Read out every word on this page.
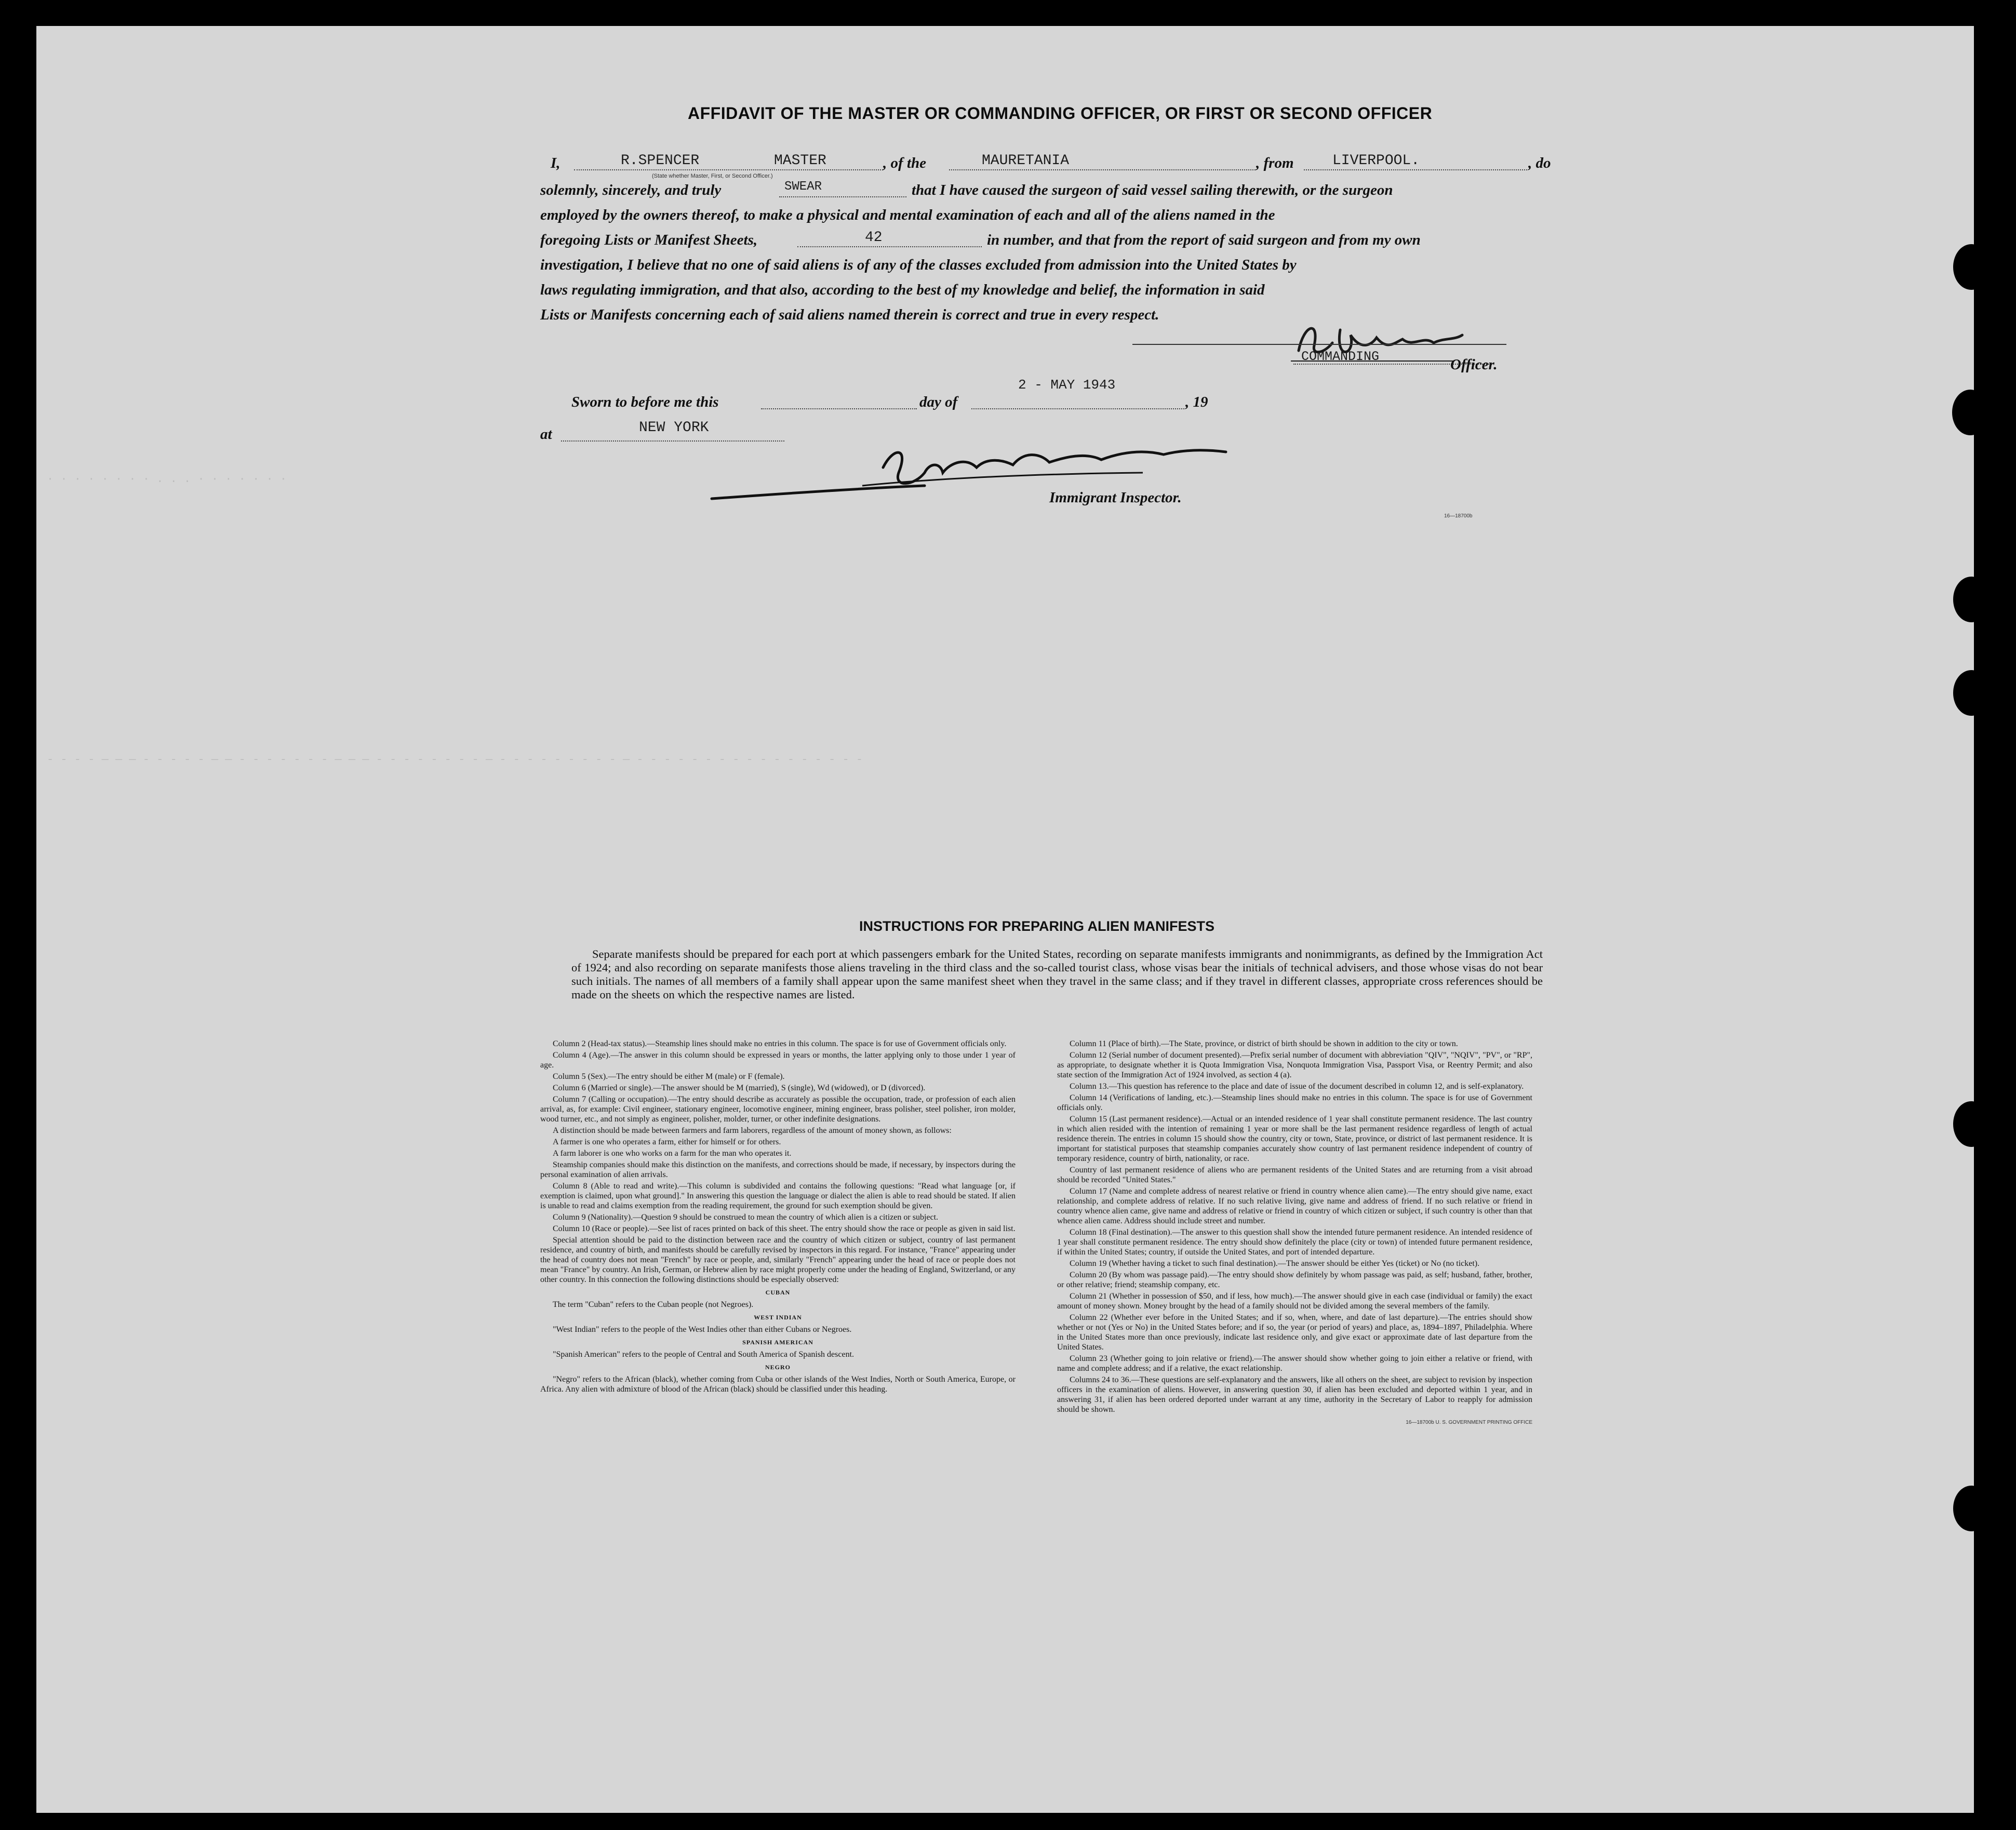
· · · · · · · · . . . · · · · · · ·
- - - - — — — - - - - - — — - - - - - - - — — — - - - - - - - - — - - - - - - - - - — - - - - - - - - - - - - - - - - -
AFFIDAVIT OF THE MASTER OR COMMANDING OFFICER, OR FIRST OR SECOND OFFICER
I,	R.SPENCER	MASTER
(State whether Master, First, or Second Officer.)
, of the	MAURETANIA	, from	LIVERPOOL.	, do
solemnly, sincerely, and truly	SWEAR	that I have caused the surgeon of said vessel sailing therewith, or the surgeon
employed by the owners thereof, to make a physical and mental examination of each and all of the aliens named in the
foregoing Lists or Manifest Sheets,	42	in number, and that from the report of said surgeon and from my own
investigation, I believe that no one of said aliens is of any of the classes excluded from admission into the United States by
laws regulating immigration, and that also, according to the best of my knowledge and belief, the information in said
Lists or Manifests concerning each of said aliens named therein is correct and true in every respect.
COMMANDING	Officer.
Sworn to before me this	day of
2 - MAY 1943
, 19
at	NEW YORK
Immigrant Inspector.
16—18700b
INSTRUCTIONS FOR PREPARING ALIEN MANIFESTS

Separate manifests should be prepared for each port at which passengers embark for the United States, recording on separate manifests immigrants and nonimmigrants, as defined by the Immigration Act of 1924; and also recording on separate manifests those aliens traveling in the third class and the so-called tourist class, whose visas bear the initials of technical advisers, and those whose visas do not bear such initials. The names of all members of a family shall appear upon the same manifest sheet when they travel in the same class; and if they travel in different classes, appropriate cross references should be made on the sheets on which the respective names are listed.

Column 2 (Head-tax status).—Steamship lines should make no entries in this column. The space is for use of Government officials only.

Column 4 (Age).—The answer in this column should be expressed in years or months, the latter applying only to those under 1 year of age.

Column 5 (Sex).—The entry should be either M (male) or F (female).

Column 6 (Married or single).—The answer should be M (married), S (single), Wd (widowed), or D (divorced).

Column 7 (Calling or occupation).—The entry should describe as accurately as possible the occupation, trade, or profession of each alien arrival, as, for example: Civil engineer, stationary engineer, locomotive engineer, mining engineer, brass polisher, steel polisher, iron molder, wood turner, etc., and not simply as engineer, polisher, molder, turner, or other indefinite designations.

A distinction should be made between farmers and farm laborers, regardless of the amount of money shown, as follows:

A farmer is one who operates a farm, either for himself or for others.

A farm laborer is one who works on a farm for the man who operates it.

Steamship companies should make this distinction on the manifests, and corrections should be made, if necessary, by inspectors during the personal examination of alien arrivals.

Column 8 (Able to read and write).—This column is subdivided and contains the following questions: "Read what language [or, if exemption is claimed, upon what ground]." In answering this question the language or dialect the alien is able to read should be stated. If alien is unable to read and claims exemption from the reading requirement, the ground for such exemption should be given.

Column 9 (Nationality).—Question 9 should be construed to mean the country of which alien is a citizen or subject.

Column 10 (Race or people).—See list of races printed on back of this sheet. The entry should show the race or people as given in said list.

Special attention should be paid to the distinction between race and the country of which citizen or subject, country of last permanent residence, and country of birth, and manifests should be carefully revised by inspectors in this regard. For instance, "France" appearing under the head of country does not mean "French" by race or people, and, similarly "French" appearing under the head of race or people does not mean "France" by country. An Irish, German, or Hebrew alien by race might properly come under the heading of England, Switzerland, or any other country. In this connection the following distinctions should be especially observed:

CUBAN

The term "Cuban" refers to the Cuban people (not Negroes).

WEST INDIAN

"West Indian" refers to the people of the West Indies other than either Cubans or Negroes.

SPANISH AMERICAN

"Spanish American" refers to the people of Central and South America of Spanish descent.

NEGRO

"Negro" refers to the African (black), whether coming from Cuba or other islands of the West Indies, North or South America, Europe, or Africa. Any alien with admixture of blood of the African (black) should be classified under this heading.

Column 11 (Place of birth).—The State, province, or district of birth should be shown in addition to the city or town.

Column 12 (Serial number of document presented).—Prefix serial number of document with abbreviation "QIV", "NQIV", "PV", or "RP", as appropriate, to designate whether it is Quota Immigration Visa, Nonquota Immigration Visa, Passport Visa, or Reentry Permit; and also state section of the Immigration Act of 1924 involved, as section 4 (a).

Column 13.—This question has reference to the place and date of issue of the document described in column 12, and is self-explanatory.

Column 14 (Verifications of landing, etc.).—Steamship lines should make no entries in this column. The space is for use of Government officials only.

Column 15 (Last permanent residence).—Actual or an intended residence of 1 year shall constitute permanent residence. The last country in which alien resided with the intention of remaining 1 year or more shall be the last permanent residence regardless of length of actual residence therein. The entries in column 15 should show the country, city or town, State, province, or district of last permanent residence. It is important for statistical purposes that steamship companies accurately show country of last permanent residence independent of country of temporary residence, country of birth, nationality, or race.

Country of last permanent residence of aliens who are permanent residents of the United States and are returning from a visit abroad should be recorded "United States."

Column 17 (Name and complete address of nearest relative or friend in country whence alien came).—The entry should give name, exact relationship, and complete address of relative. If no such relative living, give name and address of friend. If no such relative or friend in country whence alien came, give name and address of relative or friend in country of which citizen or subject, if such country is other than that whence alien came. Address should include street and number.

Column 18 (Final destination).—The answer to this question shall show the intended future permanent residence. An intended residence of 1 year shall constitute permanent residence. The entry should show definitely the place (city or town) of intended future permanent residence, if within the United States; country, if outside the United States, and port of intended departure.

Column 19 (Whether having a ticket to such final destination).—The answer should be either Yes (ticket) or No (no ticket).

Column 20 (By whom was passage paid).—The entry should show definitely by whom passage was paid, as self; husband, father, brother, or other relative; friend; steamship company, etc.

Column 21 (Whether in possession of $50, and if less, how much).—The answer should give in each case (individual or family) the exact amount of money shown. Money brought by the head of a family should not be divided among the several members of the family.

Column 22 (Whether ever before in the United States; and if so, when, where, and date of last departure).—The entries should show whether or not (Yes or No) in the United States before; and if so, the year (or period of years) and place, as, 1894–1897, Philadelphia. Where in the United States more than once previously, indicate last residence only, and give exact or approximate date of last departure from the United States.

Column 23 (Whether going to join relative or friend).—The answer should show whether going to join either a relative or friend, with name and complete address; and if a relative, the exact relationship.

Columns 24 to 36.—These questions are self-explanatory and the answers, like all others on the sheet, are subject to revision by inspection officers in the examination of aliens. However, in answering question 30, if alien has been excluded and deported within 1 year, and in answering 31, if alien has been ordered deported under warrant at any time, authority in the Secretary of Labor to reapply for admission should be shown.

16—18700b U. S. GOVERNMENT PRINTING OFFICE
